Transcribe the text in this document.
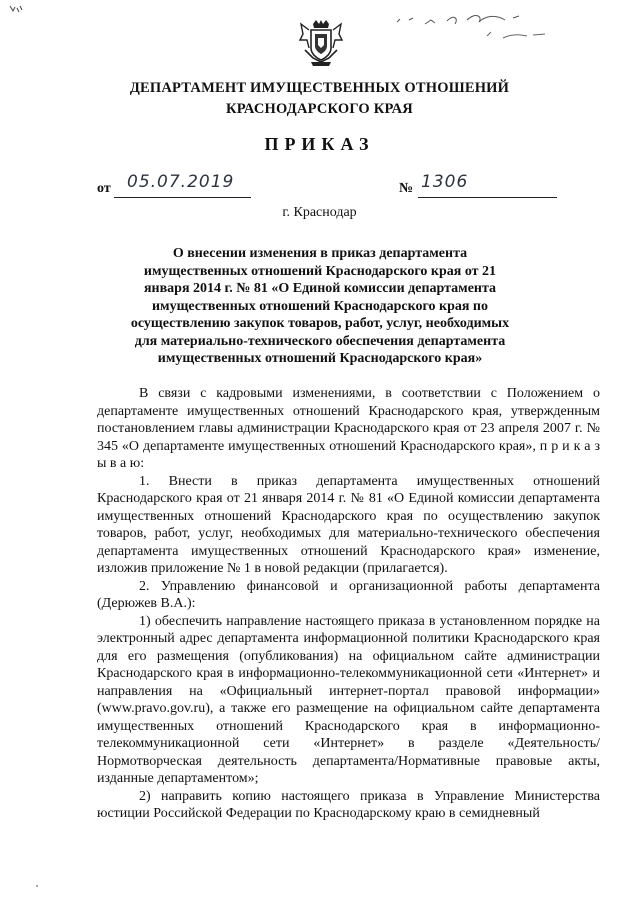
ДЕПАРТАМЕНТ ИМУЩЕСТВЕННЫХ ОТНОШЕНИЙ
КРАСНОДАРСКОГО КРАЯ
ПРИКАЗ
от 05.07.2019	№ 1306
г. Краснодар
О внесении изменения в приказ департамента имущественных отношений Краснодарского края от 21 января 2014 г. № 81 «О Единой комиссии департамента имущественных отношений Краснодарского края по осуществлению закупок товаров, работ, услуг, необходимых для материально-технического обеспечения департамента имущественных отношений Краснодарского края»

В связи с кадровыми изменениями, в соответствии с Положением о департаменте имущественных отношений Краснодарского края, утвержденным постановлением главы администрации Краснодарского края от 23 апреля 2007 г. № 345 «О департаменте имущественных отношений Краснодарского края», п р и к а з ы в а ю:

1. Внести в приказ департамента имущественных отношений Краснодарского края от 21 января 2014 г. № 81 «О Единой комиссии департамента имущественных отношений Краснодарского края по осуществлению закупок товаров, работ, услуг, необходимых для материально-технического обеспечения департамента имущественных отношений Краснодарского края» изменение, изложив приложение № 1 в новой редакции (прилагается).

2. Управлению финансовой и организационной работы департамента (Дерюжев В.А.):

1) обеспечить направление настоящего приказа в установленном порядке на электронный адрес департамента информационной политики Краснодарского края для его размещения (опубликования) на официальном сайте администрации Краснодарского края в информационно-телекоммуникационной сети «Интернет» и направления на «Официальный интернет-портал правовой информации» (www.pravo.gov.ru), а также его размещение на официальном сайте департамента имущественных отношений Краснодарского края в информационно-телекоммуникационной сети «Интернет» в разделе «Деятельность/Нормотворческая деятельность департамента/Нормативные правовые акты, изданные департаментом»;

2) направить копию настоящего приказа в Управление Министерства юстиции Российской Федерации по Краснодарскому краю в семидневный
